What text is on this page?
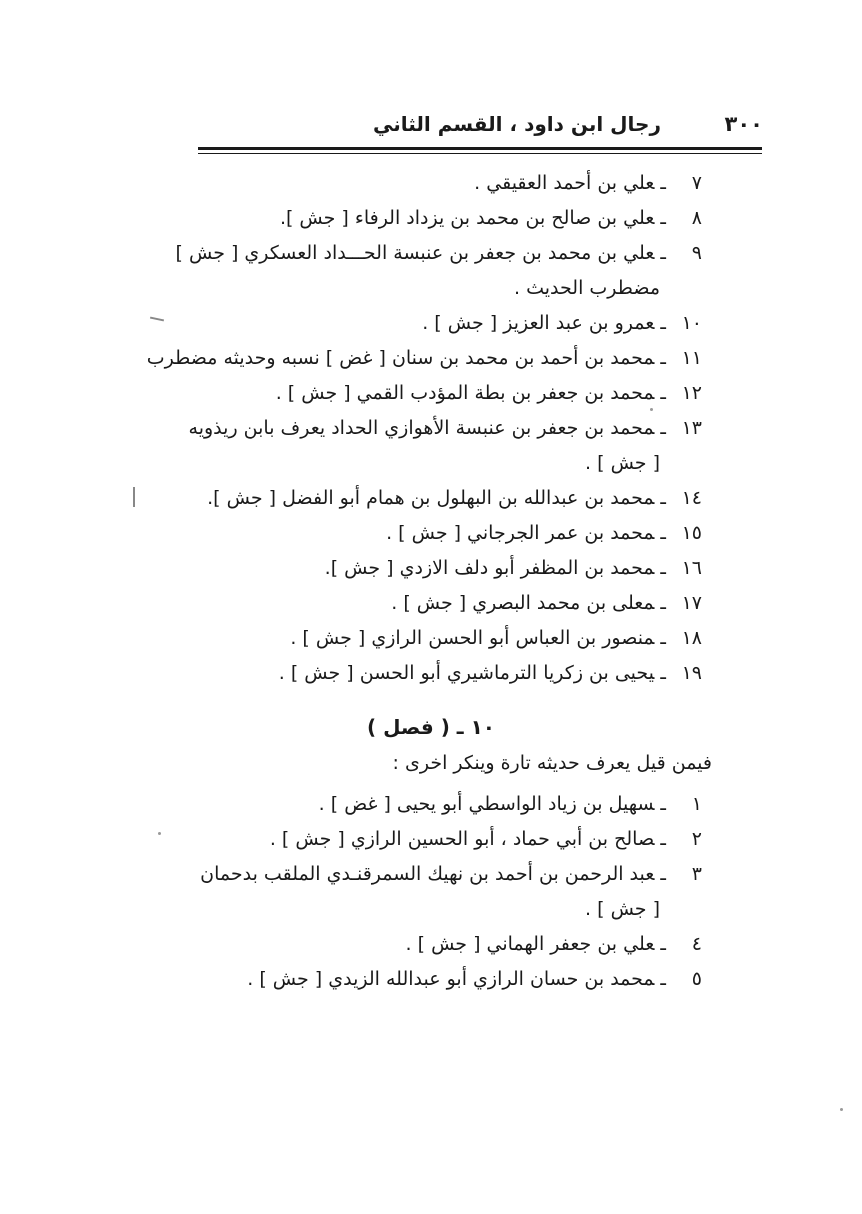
٣٠٠
رجال ابن داود ، القسم الثاني
٧ـعلي بن أحمد العقيقي .
٨ـعلي بن صالح بن محمد بن يزداد الرفاء [ جش ].
٩ـعلي بن محمد بن جعفر بن عنبسة الحـــداد العسكري [ جش ]
مضطرب الحديث .
١٠ـعمرو بن عبد العزيز [ جش ] .
١١ـمحمد بن أحمد بن محمد بن سنان [ غض ] نسبه وحديثه مضطرب
١٢ـمحمد بن جعفر بن بطة المؤدب القمي [ جش ] .
١٣ـمحمد بن جعفر بن عنبسة الأهوازي الحداد يعرف بابن ريذويه
[ جش ] .
١٤ـمحمد بن عبدالله بن البهلول بن همام أبو الفضل [ جش ].
١٥ـمحمد بن عمر الجرجاني [ جش ] .
١٦ـمحمد بن المظفر أبو دلف الازدي [ جش ].
١٧ـمعلى بن محمد البصري [ جش ] .
١٨ـمنصور بن العباس أبو الحسن الرازي [ جش ] .
١٩ـيحيى بن زكريا الترماشيري أبو الحسن [ جش ] .
١٠ ـ ( فصل )
فيمن قيل يعرف حديثه تارة وينكر اخرى :
١ـسهيل بن زياد الواسطي أبو يحيى [ غض ] .
٢ـصالح بن أبي حماد ، أبو الحسين الرازي [ جش ] .
٣ـعبد الرحمن بن أحمد بن نهيك السمرقنـدي الملقب بدحمان
[ جش ] .
٤ـعلي بن جعفر الهماني [ جش ] .
٥ـمحمد بن حسان الرازي أبو عبدالله الزيدي [ جش ] .
